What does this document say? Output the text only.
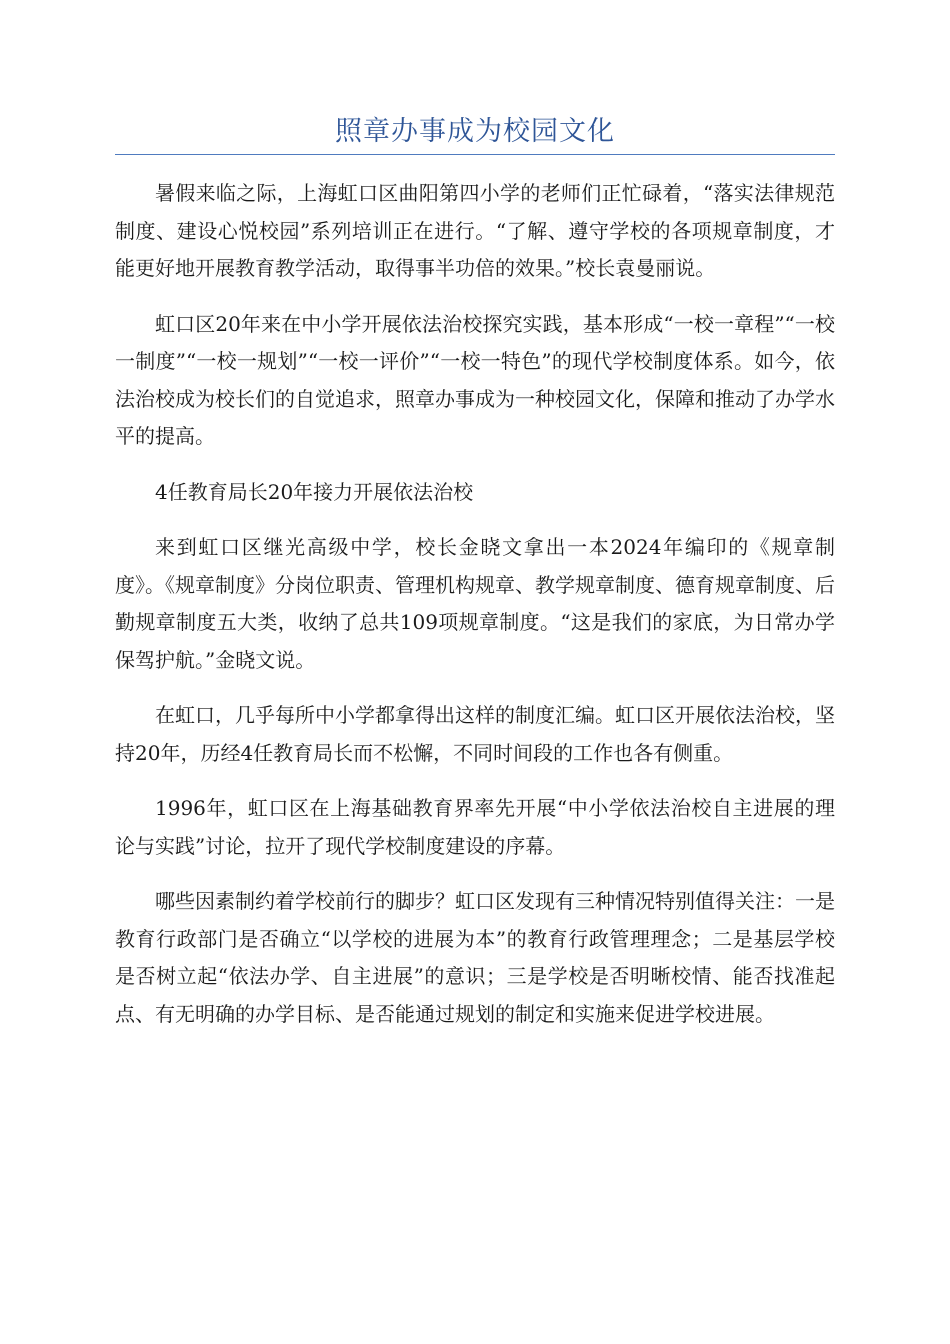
照章办事成为校园文化

暑假来临之际，上海虹口区曲阳第四小学的老师们正忙碌着，“落实法律规范制度、建设心悦校园”系列培训正在进行。“了解、遵守学校的各项规章制度，才能更好地开展教育教学活动，取得事半功倍的效果。”校长袁曼丽说。

虹口区20年来在中小学开展依法治校探究实践，基本形成“一校一章程”“一校一制度”“一校一规划”“一校一评价”“一校一特色”的现代学校制度体系。如今，依法治校成为校长们的自觉追求，照章办事成为一种校园文化，保障和推动了办学水平的提高。

4任教育局长20年接力开展依法治校

来到虹口区继光高级中学，校长金晓文拿出一本2024年编印的《规章制度》。《规章制度》分岗位职责、管理机构规章、教学规章制度、德育规章制度、后勤规章制度五大类，收纳了总共109项规章制度。“这是我们的家底，为日常办学保驾护航。”金晓文说。

在虹口，几乎每所中小学都拿得出这样的制度汇编。虹口区开展依法治校，坚持20年，历经4任教育局长而不松懈，不同时间段的工作也各有侧重。

1996年，虹口区在上海基础教育界率先开展“中小学依法治校自主进展的理论与实践”讨论，拉开了现代学校制度建设的序幕。

哪些因素制约着学校前行的脚步？虹口区发现有三种情况特别值得关注：一是教育行政部门是否确立“以学校的进展为本”的教育行政管理理念；二是基层学校是否树立起“依法办学、自主进展”的意识；三是学校是否明晰校情、能否找准起点、有无明确的办学目标、是否能通过规划的制定和实施来促进学校进展。
